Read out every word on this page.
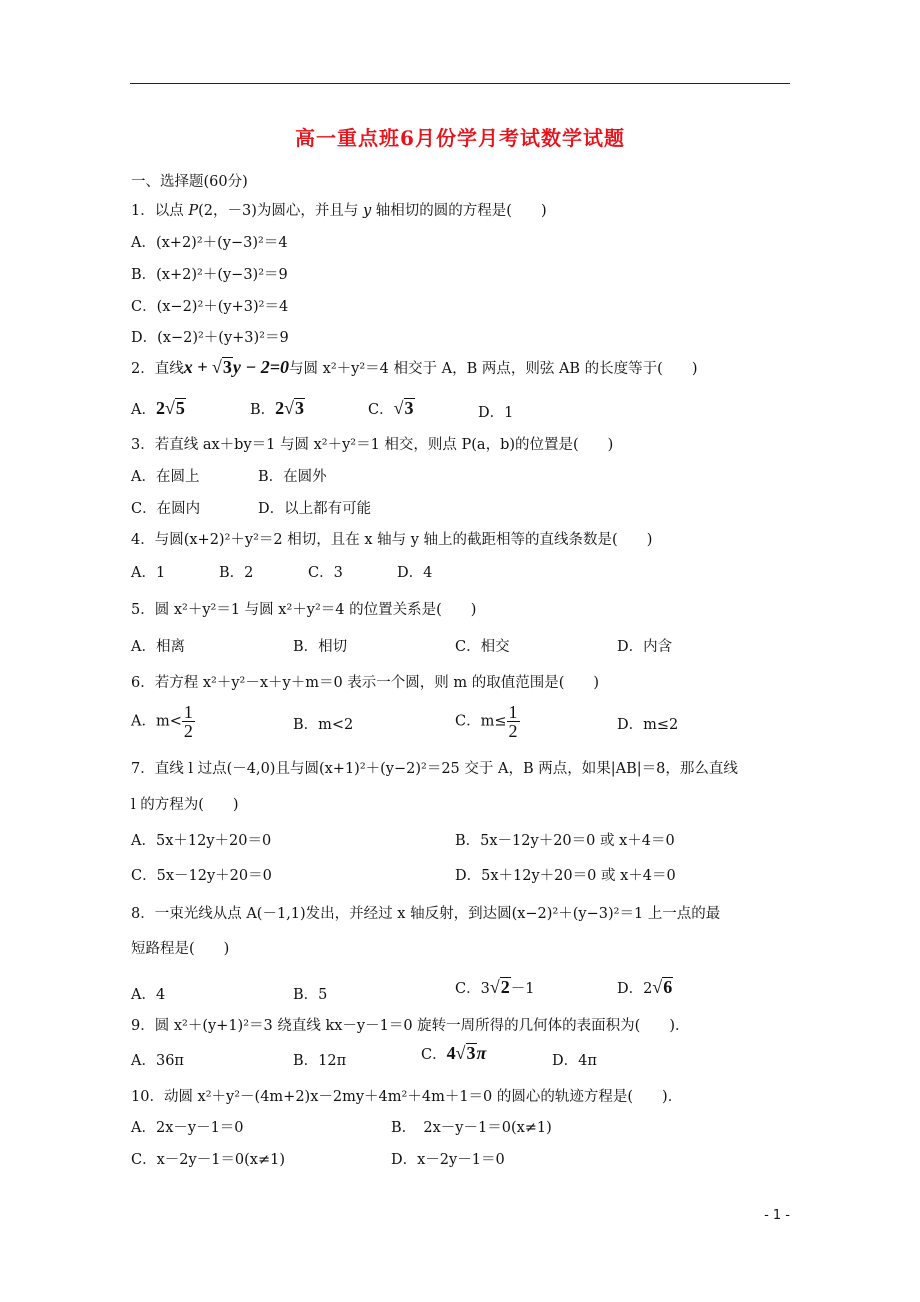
高一重点班6月份学月考试数学试题
一、选择题(60分)
1．以点 P(2，－3)为圆心，并且与 y 轴相切的圆的方程是(　　)
A．(x+2)²＋(y−3)²＝4
B．(x+2)²＋(y−3)²＝9
C．(x−2)²＋(y+3)²＝4
D．(x−2)²＋(y+3)²＝9
2．直线x + √3y − 2=0与圆 x²＋y²＝4 相交于 A，B 两点，则弦 AB 的长度等于(　　)
A．2√5	B．2√3	C．√3	D．1
3．若直线 ax＋by＝1 与圆 x²＋y²＝1 相交，则点 P(a，b)的位置是(　　)
A．在圆上	B．在圆外
C．在圆内	D．以上都有可能
4．与圆(x+2)²＋y²＝2 相切，且在 x 轴与 y 轴上的截距相等的直线条数是(　　)
A．1	B．2	C．3	D．4
5．圆 x²＋y²＝1 与圆 x²＋y²＝4 的位置关系是(　　)
A．相离	B．相切	C．相交	D．内含
6．若方程 x²＋y²－x＋y＋m＝0 表示一个圆，则 m 的取值范围是(　　)
A．$m< \frac{1}{2}$	B．m<2	C．$m\le \frac{1}{2}$	D．m≤2
7．直线 l 过点(－4,0)且与圆(x+1)²＋(y−2)²＝25 交于 A，B 两点，如果|AB|＝8，那么直线
l 的方程为(　　)
A．5x＋12y＋20＝0	B．5x－12y＋20＝0 或 x＋4＝0
C．5x－12y＋20＝0	D．5x＋12y＋20＝0 或 x＋4＝0
8．一束光线从点 A(－1,1)发出，并经过 x 轴反射，到达圆(x−2)²＋(y−3)²＝1 上一点的最
短路程是(　　)
A．4	B．5	C．3√2－1	D．2√6
9．圆 x²＋(y+1)²＝3 绕直线 kx－y－1＝0 旋转一周所得的几何体的表面积为(　　)．
A．36π	B．12π	C．4√3π	D．4π
10．动圆 x²＋y²－(4m+2)x－2my＋4m²＋4m＋1＝0 的圆心的轨迹方程是(　　)．
A．2x－y－1＝0	B．　2x－y－1＝0(x≠1)
C．x－2y－1＝0(x≠1)	D．x－2y－1＝0
- 1 -
